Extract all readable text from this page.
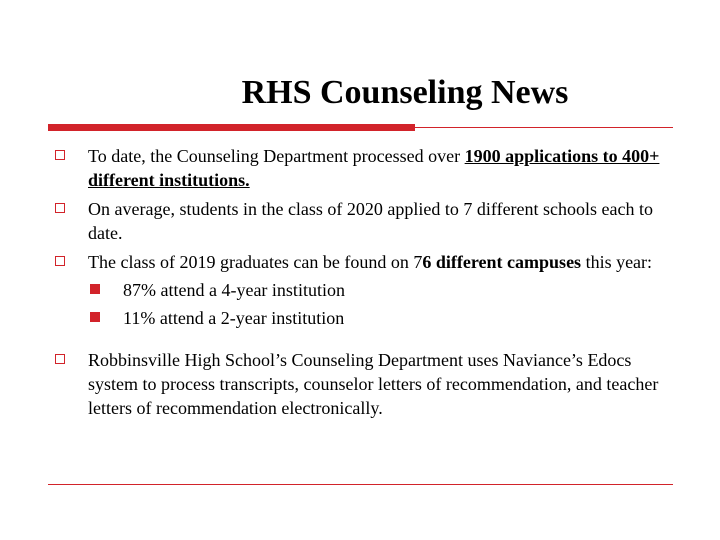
RHS Counseling News
To date, the Counseling Department processed over 1900 applications to 400+ different institutions.
On average, students in the class of 2020 applied to 7 different schools each to date.
The class of 2019 graduates can be found on 76 different campuses this year:
87% attend a 4-year institution
11% attend a 2-year institution
Robbinsville High School’s Counseling Department uses Naviance’s Edocs system to process transcripts, counselor letters of recommendation, and teacher letters of recommendation electronically.
